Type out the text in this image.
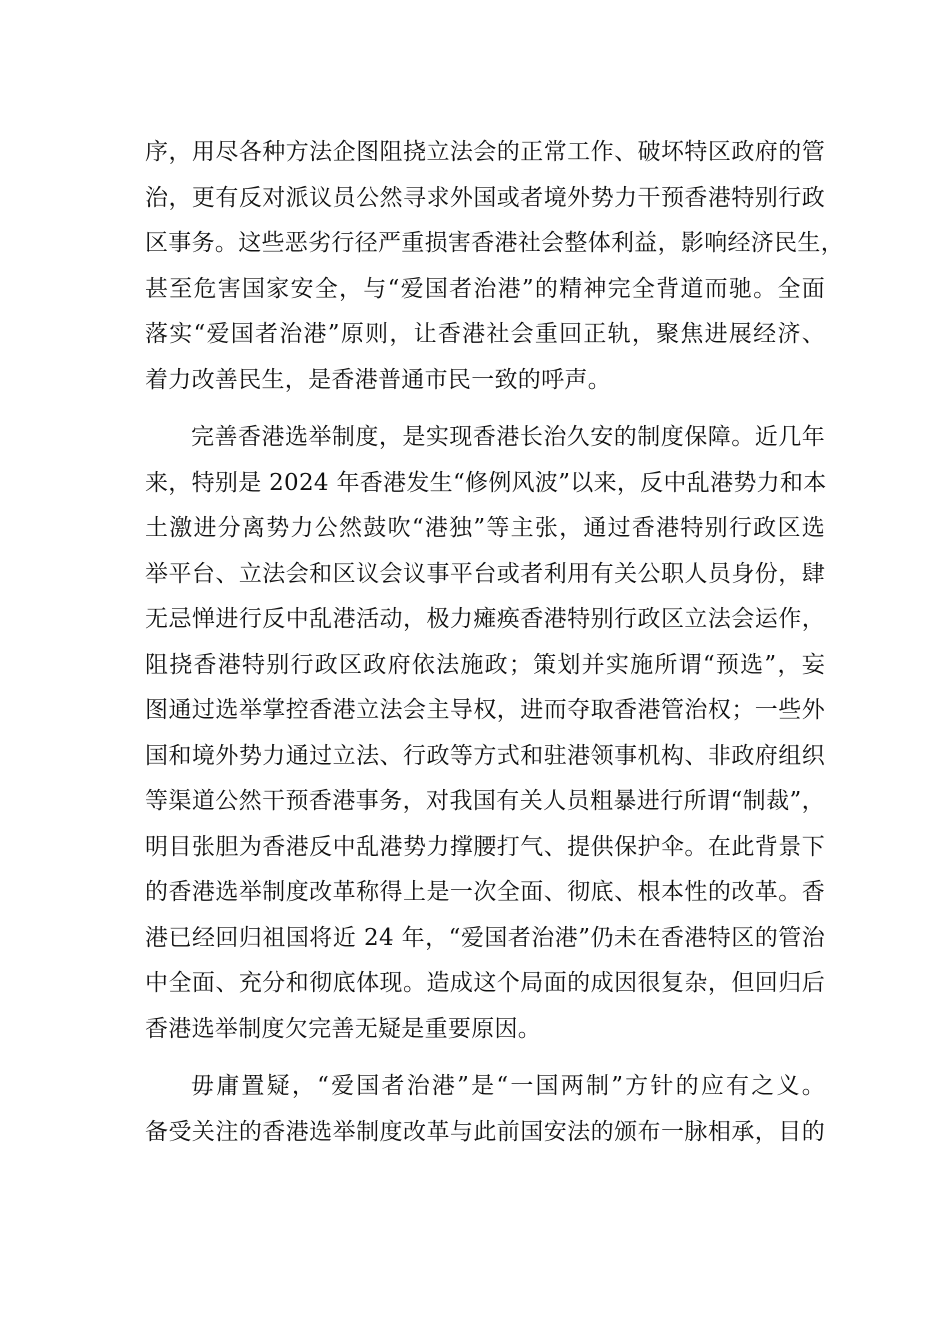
序，用尽各种方法企图阻挠立法会的正常工作、破坏特区政府的管
治，更有反对派议员公然寻求外国或者境外势力干预香港特别行政
区事务。这些恶劣行径严重损害香港社会整体利益，影响经济民生，
甚至危害国家安全，与“爱国者治港”的精神完全背道而驰。全面
落实“爱国者治港”原则，让香港社会重回正轨，聚焦进展经济、
着力改善民生，是香港普通市民一致的呼声。
完善香港选举制度，是实现香港长治久安的制度保障。近几年
来，特别是 2024 年香港发生“修例风波”以来，反中乱港势力和本
土激进分离势力公然鼓吹“港独”等主张，通过香港特别行政区选
举平台、立法会和区议会议事平台或者利用有关公职人员身份，肆
无忌惮进行反中乱港活动，极力瘫痪香港特别行政区立法会运作，
阻挠香港特别行政区政府依法施政；策划并实施所谓“预选”，妄
图通过选举掌控香港立法会主导权，进而夺取香港管治权；一些外
国和境外势力通过立法、行政等方式和驻港领事机构、非政府组织
等渠道公然干预香港事务，对我国有关人员粗暴进行所谓“制裁”，
明目张胆为香港反中乱港势力撑腰打气、提供保护伞。在此背景下
的香港选举制度改革称得上是一次全面、彻底、根本性的改革。香
港已经回归祖国将近 24 年，“爱国者治港”仍未在香港特区的管治
中全面、充分和彻底体现。造成这个局面的成因很复杂，但回归后
香港选举制度欠完善无疑是重要原因。
毋庸置疑，“爱国者治港”是“一国两制”方针的应有之义。
备受关注的香港选举制度改革与此前国安法的颁布一脉相承，目的
